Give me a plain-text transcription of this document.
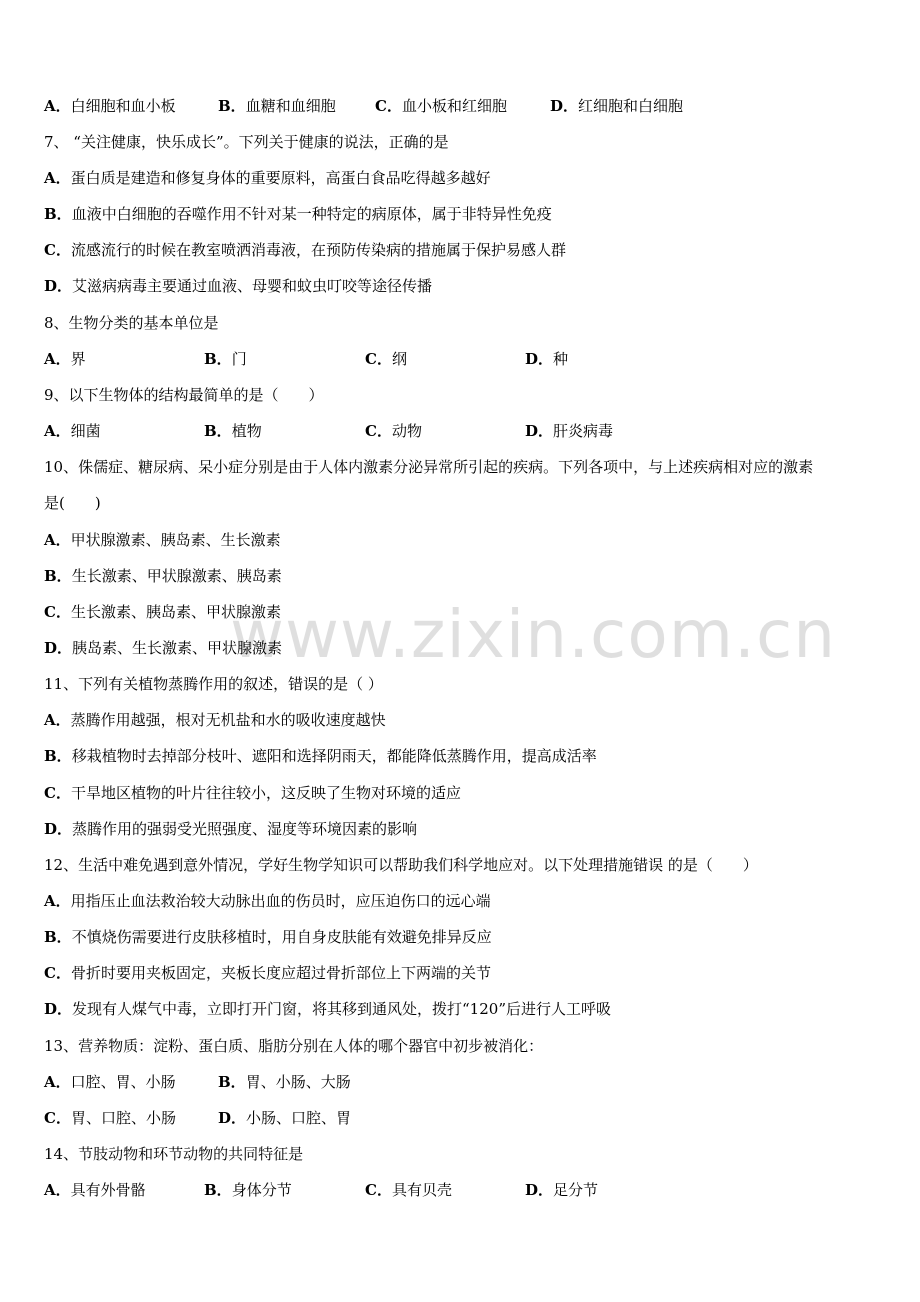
A．白细胞和血小板	B．血糖和血细胞	C．血小板和红细胞	D．红细胞和白细胞
7、 “关注健康，快乐成长”。下列关于健康的说法，正确的是
A．蛋白质是建造和修复身体的重要原料，高蛋白食品吃得越多越好
B．血液中白细胞的吞噬作用不针对某一种特定的病原体，属于非特异性免疫
C．流感流行的时候在教室喷洒消毒液，在预防传染病的措施属于保护易感人群
D．艾滋病病毒主要通过血液、母婴和蚊虫叮咬等途径传播
8、生物分类的基本单位是
A．界	B．门	C．纲	D．种
9、以下生物体的结构最简单的是（　　）
A．细菌	B．植物	C．动物	D．肝炎病毒
10、侏儒症、糖尿病、呆小症分别是由于人体内激素分泌异常所引起的疾病。下列各项中，与上述疾病相对应的激素
是(　　)
A．甲状腺激素、胰岛素、生长激素
B．生长激素、甲状腺激素、胰岛素
C．生长激素、胰岛素、甲状腺激素
D．胰岛素、生长激素、甲状腺激素
11、下列有关植物蒸腾作用的叙述，错误的是（ ）
A．蒸腾作用越强，根对无机盐和水的吸收速度越快
B．移栽植物时去掉部分枝叶、遮阳和选择阴雨天，都能降低蒸腾作用，提高成活率
C．干旱地区植物的叶片往往较小，这反映了生物对环境的适应
D．蒸腾作用的强弱受光照强度、湿度等环境因素的影响
12、生活中难免遇到意外情况，学好生物学知识可以帮助我们科学地应对。以下处理措施错误 的是（　　）
A．用指压止血法救治较大动脉出血的伤员时，应压迫伤口的远心端
B．不慎烧伤需要进行皮肤移植时，用自身皮肤能有效避免排异反应
C．骨折时要用夹板固定，夹板长度应超过骨折部位上下两端的关节
D．发现有人煤气中毒，立即打开门窗，将其移到通风处，拨打“120”后进行人工呼吸
13、营养物质：淀粉、蛋白质、脂肪分别在人体的哪个器官中初步被消化：
A．口腔、胃、小肠	B．胃、小肠、大肠
C．胃、口腔、小肠	D．小肠、口腔、胃
14、节肢动物和环节动物的共同特征是
A．具有外骨骼	B．身体分节	C．具有贝壳	D．足分节
www.zixin.com.cn
